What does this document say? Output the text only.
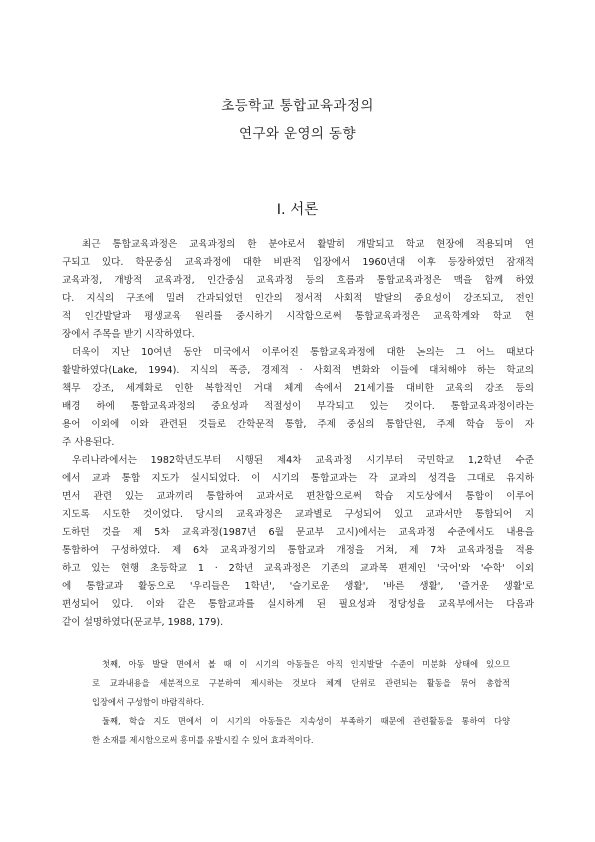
초등학교 통합교육과정의
연구와 운영의 동향
Ⅰ. 서론
최근 통합교육과정은 교육과정의 한 분야로서 활발히 개발되고 학교 현장에 적용되며 연
구되고 있다. 학문중심 교육과정에 대한 비판적 입장에서 1960년대 이후 등장하였던 잠재적
교육과정, 개방적 교육과정, 인간중심 교육과정 등의 흐름과 통합교육과정은 맥을 함께 하였
다. 지식의 구조에 밀려 간과되었던 인간의 정서적 사회적 발달의 중요성이 강조되고, 전인
적 인간발달과 평생교육 원리를 중시하기 시작함으로써 통합교육과정은 교육학계와 학교 현
장에서 주목을 받기 시작하였다.
더욱이 지난 10여년 동안 미국에서 이루어진 통합교육과정에 대한 논의는 그 어느 때보다
활발하였다(Lake, 1994). 지식의 폭증, 경제적 · 사회적 변화와 이들에 대처해야 하는 학교의
책무 강조, 세계화로 인한 복합적인 거대 체계 속에서 21세기를 대비한 교육의 강조 등의
배경 하에 통합교육과정의 중요성과 적절성이 부각되고 있는 것이다. 통합교육과정이라는
용어 이외에 이와 관련된 것들로 간학문적 통합, 주제 중심의 통합단원, 주제 학습 등이 자
주 사용된다.
우리나라에서는 1982학년도부터 시행된 제4차 교육과정 시기부터 국민학교 1,2학년 수준
에서 교과 통합 지도가 실시되었다. 이 시기의 통합교과는 각 교과의 성격을 그대로 유지하
면서 관련 있는 교과끼리 통합하여 교과서로 편찬함으로써 학습 지도상에서 통합이 이루어
지도록 시도한 것이었다. 당시의 교육과정은 교과별로 구성되어 있고 교과서만 통합되어 지
도하던 것을 제 5차 교육과정(1987년 6월 문교부 고시)에서는 교육과정 수준에서도 내용을
통합하여 구성하였다. 제 6차 교육과정기의 통합교과 개정을 거쳐, 제 7차 교육과정을 적용
하고 있는 현행 초등학교 1 · 2학년 교육과정은 기존의 교과목 편제인 '국어'와 '수학' 이외
에 통합교과 활동으로 '우리들은 1학년', '슬기로운 생활', '바른 생활', '즐거운 생활'로
편성되어 있다. 이와 같은 통합교과를 실시하게 된 필요성과 정당성을 교육부에서는 다음과
같이 설명하였다(문교부, 1988, 179).
첫째, 아동 발달 면에서 볼 때 이 시기의 아동들은 아직 인지발달 수준이 미분화 상태에 있으므
로 교과내용을 세분적으로 구분하여 제시하는 것보다 체계 단위로 관련되는 활동을 묶어 총합적
입장에서 구성함이 바람직하다.
둘째, 학습 지도 면에서 이 시기의 아동들은 지속성이 부족하기 때문에 관련활동을 통하여 다양
한 소재를 제시함으로써 흥미를 유발시킬 수 있어 효과적이다.
